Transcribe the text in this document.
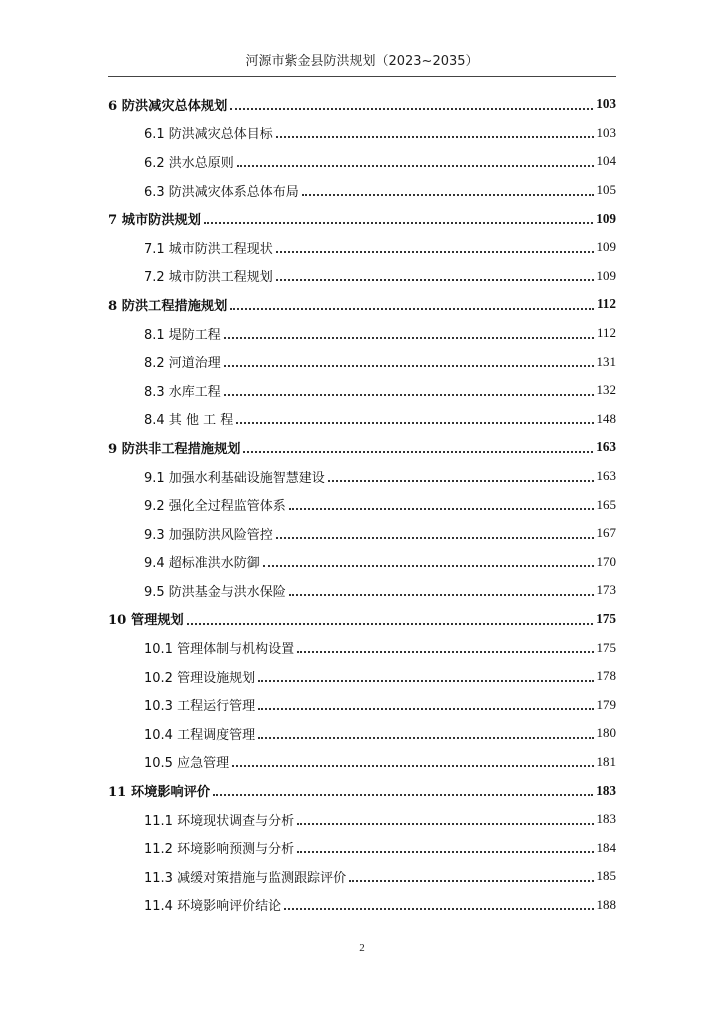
河源市紫金县防洪规划（2023~2035）
6 防洪减灾总体规划	103
6.1 防洪减灾总体目标	103
6.2 洪水总原则	104
6.3 防洪减灾体系总体布局	105
7 城市防洪规划	109
7.1 城市防洪工程现状	109
7.2 城市防洪工程规划	109
8 防洪工程措施规划	112
8.1 堤防工程	112
8.2 河道治理	131
8.3 水库工程	132
8.4 其 他 工 程	148
9 防洪非工程措施规划	163
9.1 加强水利基础设施智慧建设	163
9.2 强化全过程监管体系	165
9.3 加强防洪风险管控	167
9.4 超标准洪水防御	170
9.5 防洪基金与洪水保险	173
10 管理规划	175
10.1 管理体制与机构设置	175
10.2 管理设施规划	178
10.3 工程运行管理	179
10.4 工程调度管理	180
10.5 应急管理	181
11 环境影响评价	183
11.1 环境现状调查与分析	183
11.2 环境影响预测与分析	184
11.3 减缓对策措施与监测跟踪评价	185
11.4 环境影响评价结论	188
2
